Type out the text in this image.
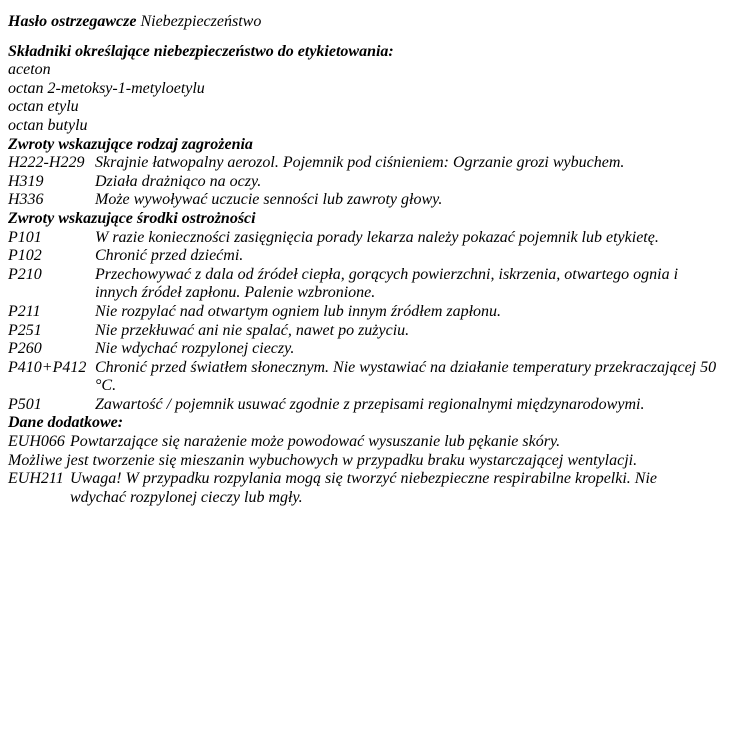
Hasło ostrzegawcze Niebezpieczeństwo
Składniki określające niebezpieczeństwo do etykietowania:
aceton
octan 2-metoksy-1-metyloetylu
octan etylu
octan butylu
Zwroty wskazujące rodzaj zagrożenia
H222-H229 Skrajnie łatwopalny aerozol. Pojemnik pod ciśnieniem: Ogrzanie grozi wybuchem.
H319	Działa drażniąco na oczy.
H336	Może wywoływać uczucie senności lub zawroty głowy.
Zwroty wskazujące środki ostrożności
P101	W razie konieczności zasięgnięcia porady lekarza należy pokazać pojemnik lub etykietę.
P102	Chronić przed dziećmi.
P210	Przechowywać z dala od źródeł ciepła, gorących powierzchni, iskrzenia, otwartego ognia i
innych źródeł zapłonu. Palenie wzbronione.
P211	Nie rozpylać nad otwartym ogniem lub innym źródłem zapłonu.
P251	Nie przekłuwać ani nie spalać, nawet po zużyciu.
P260	Nie wdychać rozpylonej cieczy.
P410+P412 Chronić przed światłem słonecznym. Nie wystawiać na działanie temperatury przekraczającej 50
°C.
P501	Zawartość / pojemnik usuwać zgodnie z przepisami regionalnymi międzynarodowymi.
Dane dodatkowe:
EUH066 Powtarzające się narażenie może powodować wysuszanie lub pękanie skóry.
Możliwe jest tworzenie się mieszanin wybuchowych w przypadku braku wystarczającej wentylacji.
EUH211 Uwaga! W przypadku rozpylania mogą się tworzyć niebezpieczne respirabilne kropelki. Nie
wdychać rozpylonej cieczy lub mgły.
